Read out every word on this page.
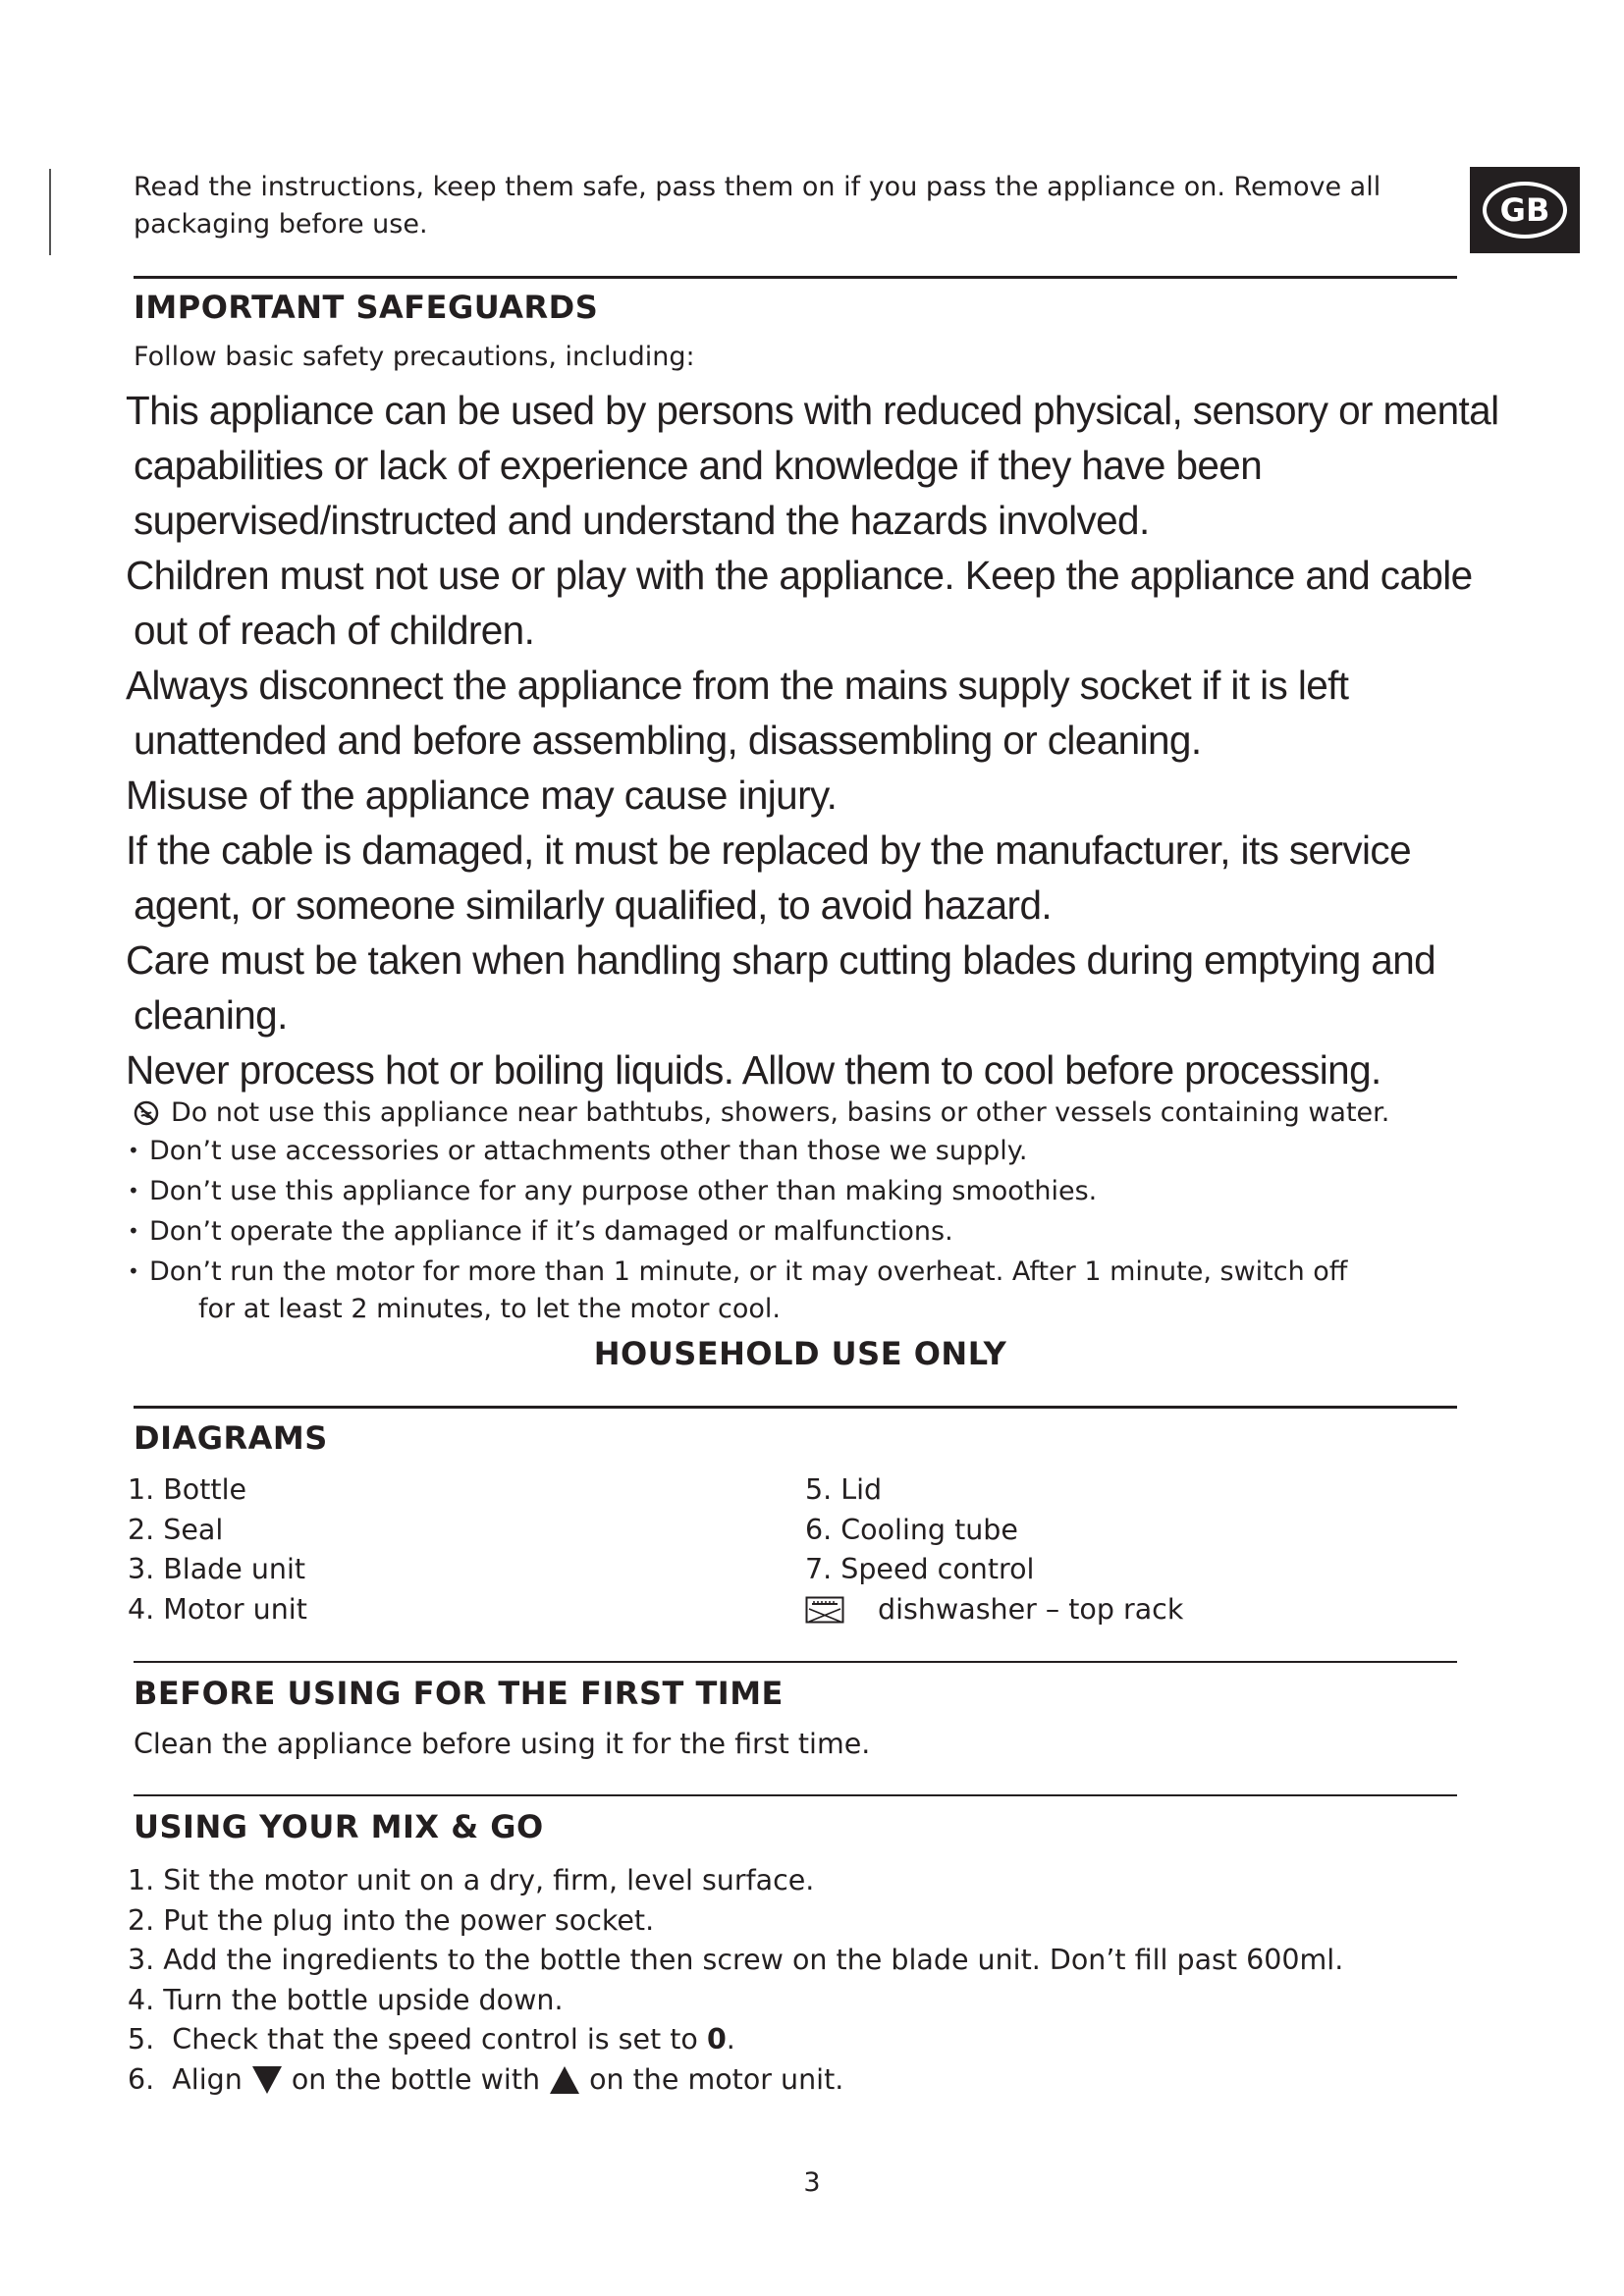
GB
Read the instructions, keep them safe, pass them on if you pass the appliance on. Remove all
packaging before use.
IMPORTANT SAFEGUARDS
Follow basic safety precautions, including:

This appliance can be used by persons with reduced physical, sensory or mental capabilities or lack of experience and knowledge if they have been supervised/instructed and understand the hazards involved.

Children must not use or play with the appliance. Keep the appliance and cable out of reach of children.

Always disconnect the appliance from the mains supply socket if it is left unattended and before assembling, disassembling or cleaning.

Misuse of the appliance may cause injury.

If the cable is damaged, it must be replaced by the manufacturer, its service agent, or someone similarly qualified, to avoid hazard.

Care must be taken when handling sharp cutting blades during emptying and cleaning.

Never process hot or boiling liquids. Allow them to cool before processing.

Do not use this appliance near bathtubs, showers, basins or other vessels containing water.
• Don’t use accessories or attachments other than those we supply.
• Don’t use this appliance for any purpose other than making smoothies.
• Don’t operate the appliance if it’s damaged or malfunctions.
• Don’t run the motor for more than 1 minute, or it may overheat. After 1 minute, switch off
for at least 2 minutes, to let the motor cool.
HOUSEHOLD USE ONLY
DIAGRAMS
1. Bottle
2. Seal
3. Blade unit
4. Motor unit
5. Lid
6. Cooling tube
7. Speed control
dishwasher – top rack
BEFORE USING FOR THE FIRST TIME
Clean the appliance before using it for the first time.
USING YOUR MIX & GO
1. Sit the motor unit on a dry, firm, level surface.
2. Put the plug into the power socket.
3. Add the ingredients to the bottle then screw on the blade unit. Don’t fill past 600ml.
4. Turn the bottle upside down.
5.  Check that the speed control is set to 0 .
6.  Align on the bottle with on the motor unit.
3
